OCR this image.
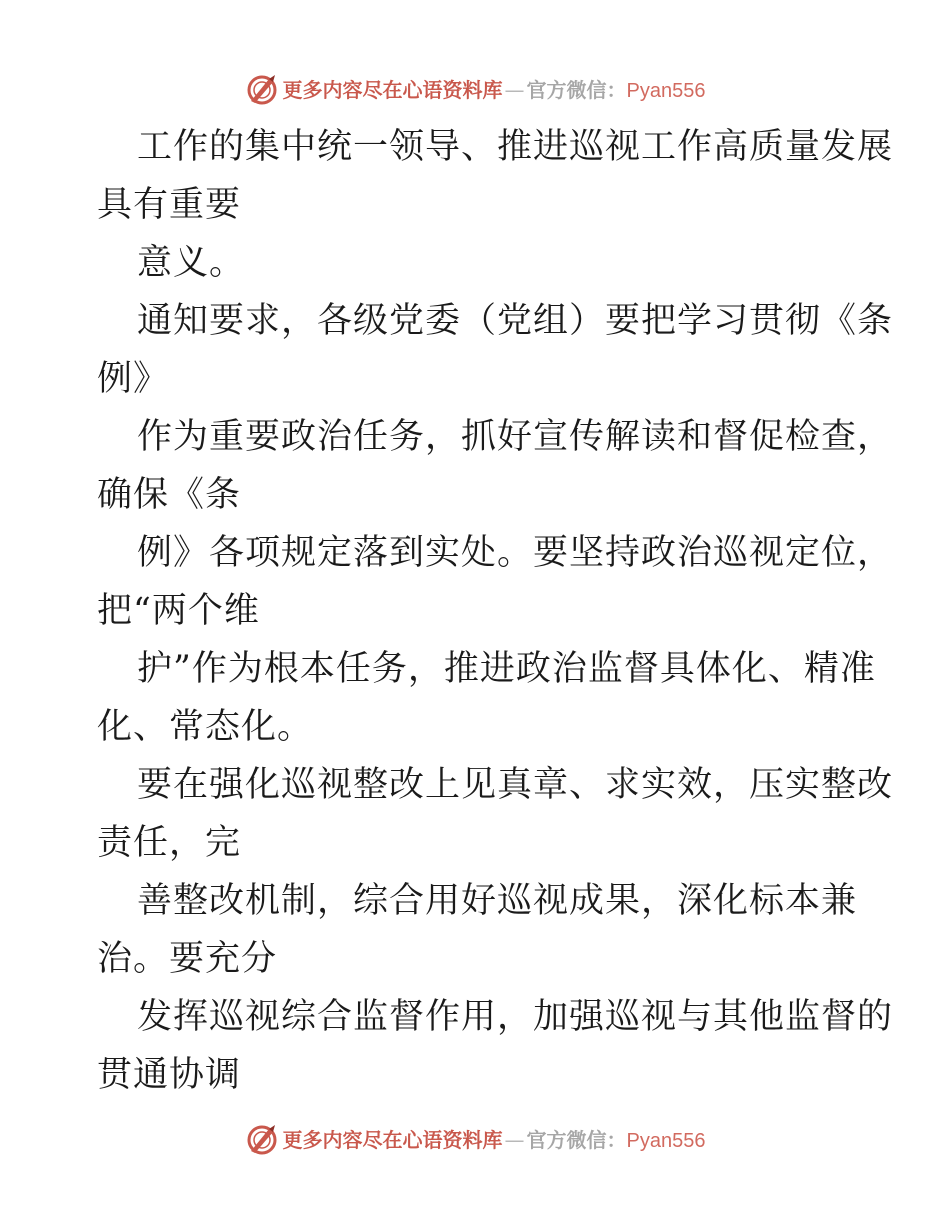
更多内容尽在心语资料库 — 官方微信： Pyan556
工作的集中统一领导、推进巡视工作高质量发展
具有重要
意义。
通知要求，各级党委（党组）要把学习贯彻《条
例》
作为重要政治任务，抓好宣传解读和督促检查，
确保《条
例》各项规定落到实处。要坚持政治巡视定位，
把“两个维
护”作为根本任务，推进政治监督具体化、精准
化、常态化。
要在强化巡视整改上见真章、求实效，压实整改
责任，完
善整改机制，综合用好巡视成果，深化标本兼
治。要充分
发挥巡视综合监督作用，加强巡视与其他监督的
贯通协调
更多内容尽在心语资料库 — 官方微信： Pyan556
